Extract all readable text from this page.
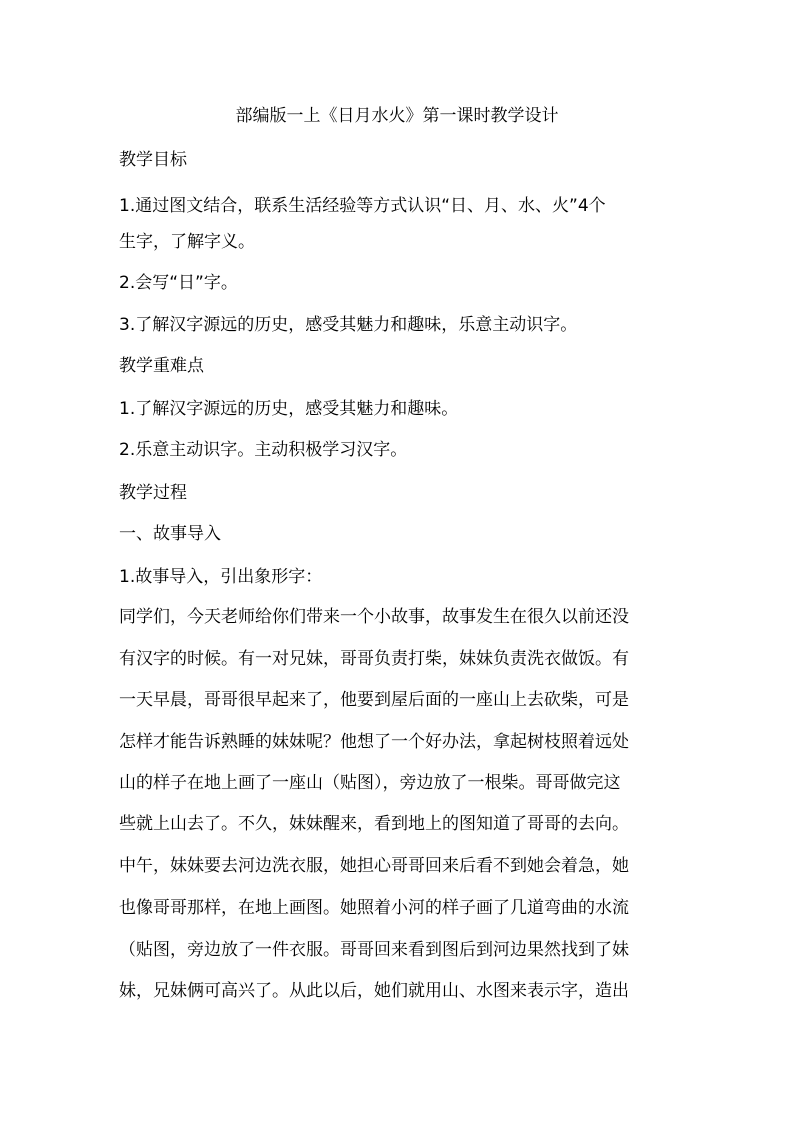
部编版一上《日月水火》第一课时教学设计
教学目标
1.通过图文结合，联系生活经验等方式认识“日、月、水、火”4个
生字，了解字义。
2.会写“日”字。
3.了解汉字源远的历史，感受其魅力和趣味，乐意主动识字。
教学重难点
1.了解汉字源远的历史，感受其魅力和趣味。
2.乐意主动识字。主动积极学习汉字。
教学过程
一、故事导入
1.故事导入，引出象形字：
同学们，今天老师给你们带来一个小故事，故事发生在很久以前还没
有汉字的时候。有一对兄妹，哥哥负责打柴，妹妹负责洗衣做饭。有
一天早晨，哥哥很早起来了，他要到屋后面的一座山上去砍柴，可是
怎样才能告诉熟睡的妹妹呢？他想了一个好办法，拿起树枝照着远处
山的样子在地上画了一座山（贴图），旁边放了一根柴。哥哥做完这
些就上山去了。不久，妹妹醒来，看到地上的图知道了哥哥的去向。
中午，妹妹要去河边洗衣服，她担心哥哥回来后看不到她会着急，她
也像哥哥那样，在地上画图。她照着小河的样子画了几道弯曲的水流
（贴图，旁边放了一件衣服。哥哥回来看到图后到河边果然找到了妹
妹，兄妹俩可高兴了。从此以后，她们就用山、水图来表示字，造出
